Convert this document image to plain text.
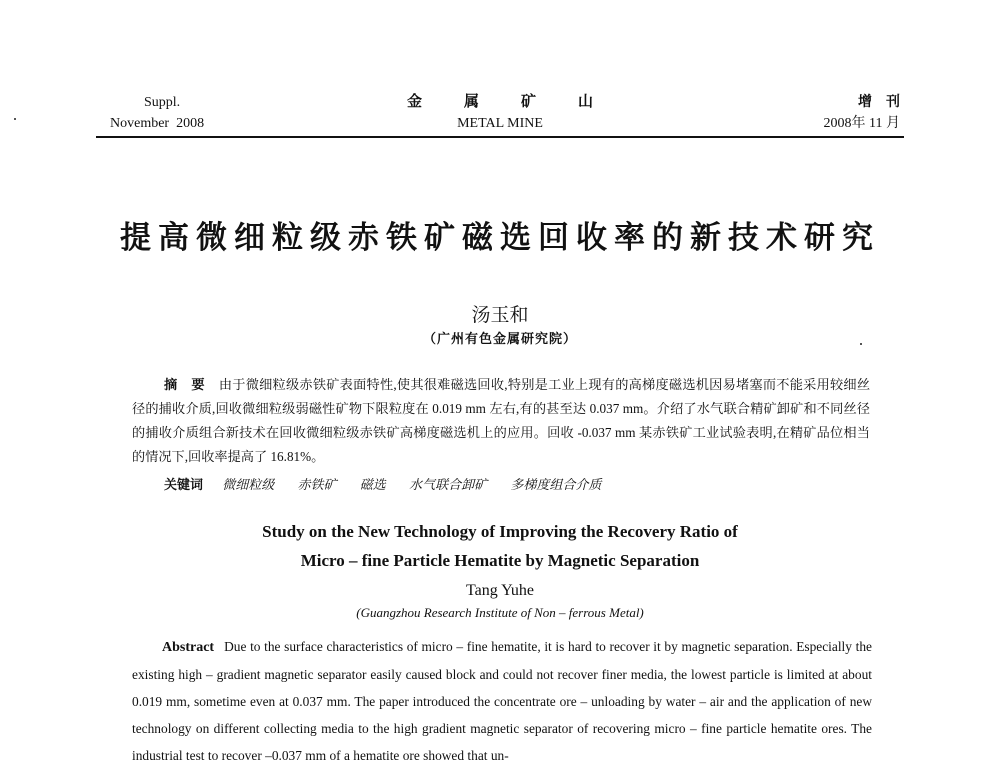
Suppl.
November  2008
金属矿山
METAL MINE
增刊
2008年 11 月
提高微细粒级赤铁矿磁选回收率的新技术研究
汤玉和
（广州有色金属研究院）
摘要由于微细粒级赤铁矿表面特性,使其很难磁选回收,特别是工业上现有的高梯度磁选机因易堵塞而不能采用较细丝径的捕收介质,回收微细粒级弱磁性矿物下限粒度在 0.019 mm 左右,有的甚至达 0.037 mm。介绍了水气联合精矿卸矿和不同丝径的捕收介质组合新技术在回收微细粒级赤铁矿高梯度磁选机上的应用。回收 -0.037 mm 某赤铁矿工业试验表明,在精矿品位相当的情况下,回收率提高了 16.81%。
关键词 微细粒级 赤铁矿 磁选 水气联合卸矿 多梯度组合介质
Study on the New Technology of Improving the Recovery Ratio of
Micro – fine Particle Hematite by Magnetic Separation
Tang Yuhe
(Guangzhou Research Institute of Non – ferrous Metal)
Abstract Due to the surface characteristics of micro – fine hematite, it is hard to recover it by magnetic separation. Especially the existing high – gradient magnetic separator easily caused block and could not recover finer media, the lowest particle is limited at about 0.019 mm, sometime even at 0.037 mm. The paper introduced the concentrate ore – unloading by water – air and the application of new technology on different collecting media to the high gradient magnetic separator of recovering micro – fine particle hematite ores. The industrial test to recover –0.037 mm of a hematite ore showed that un-
